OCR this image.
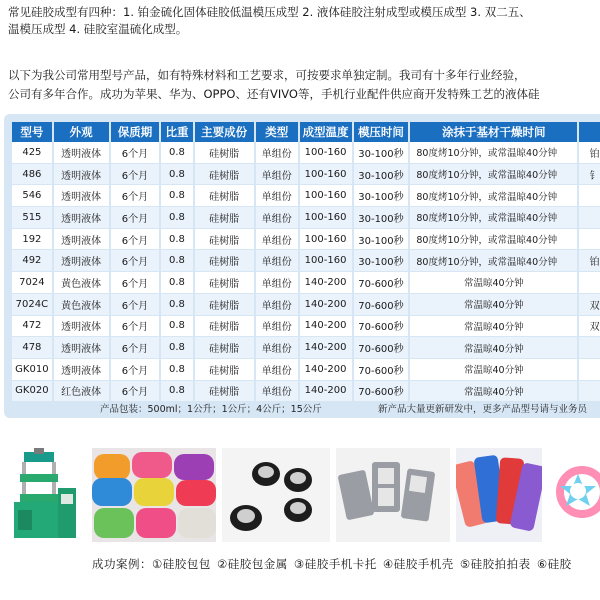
常见硅胶成型有四种：1. 铂金硫化固体硅胶低温模压成型 2. 液体硅胶注射成型或模压成型 3. 双二五、
温模压成型 4. 硅胶室温硫化成型。
以下为我公司常用型号产品，如有特殊材料和工艺要求，可按要求单独定制。我司有十多年行业经验，
公司有多年合作。成功为苹果、华为、OPPO、还有VIVO等，手机行业配件供应商开发特殊工艺的液体硅
型号	外观	保质期	比重	主要成份	类型	成型温度	模压时间	涂抹于基材干燥时间	
425	透明液体	6个月	0.8	硅树脂	单组份	100-160	30-100秒	80度烤10分钟，或常温晾40分钟	铂
486	透明液体	6个月	0.8	硅树脂	单组份	100-160	30-100秒	80度烤10分钟，或常温晾40分钟	钅
546	透明液体	6个月	0.8	硅树脂	单组份	100-160	30-100秒	80度烤10分钟，或常温晾40分钟	
515	透明液体	6个月	0.8	硅树脂	单组份	100-160	30-100秒	80度烤10分钟，或常温晾40分钟	
192	透明液体	6个月	0.8	硅树脂	单组份	100-160	30-100秒	80度烤10分钟，或常温晾40分钟	
492	透明液体	6个月	0.8	硅树脂	单组份	100-160	30-100秒	80度烤10分钟，或常温晾40分钟	铂
7024	黄色液体	6个月	0.8	硅树脂	单组份	140-200	70-600秒	常温晾40分钟	
7024C	黄色液体	6个月	0.8	硅树脂	单组份	140-200	70-600秒	常温晾40分钟	双
472	透明液体	6个月	0.8	硅树脂	单组份	140-200	70-600秒	常温晾40分钟	双
478	透明液体	6个月	0.8	硅树脂	单组份	140-200	70-600秒	常温晾40分钟	
GK010	透明液体	6个月	0.8	硅树脂	单组份	140-200	70-600秒	常温晾40分钟	
GK020	红色液体	6个月	0.8	硅树脂	单组份	140-200	70-600秒	常温晾40分钟	
产品包装：500ml；1公升；1公斤；4公斤；15公斤	新产品大量更新研发中，更多产品型号请与业务员
成功案例：①硅胶包包 ②硅胶包金属 ③硅胶手机卡托 ④硅胶手机壳 ⑤硅胶拍拍表 ⑥硅胶
